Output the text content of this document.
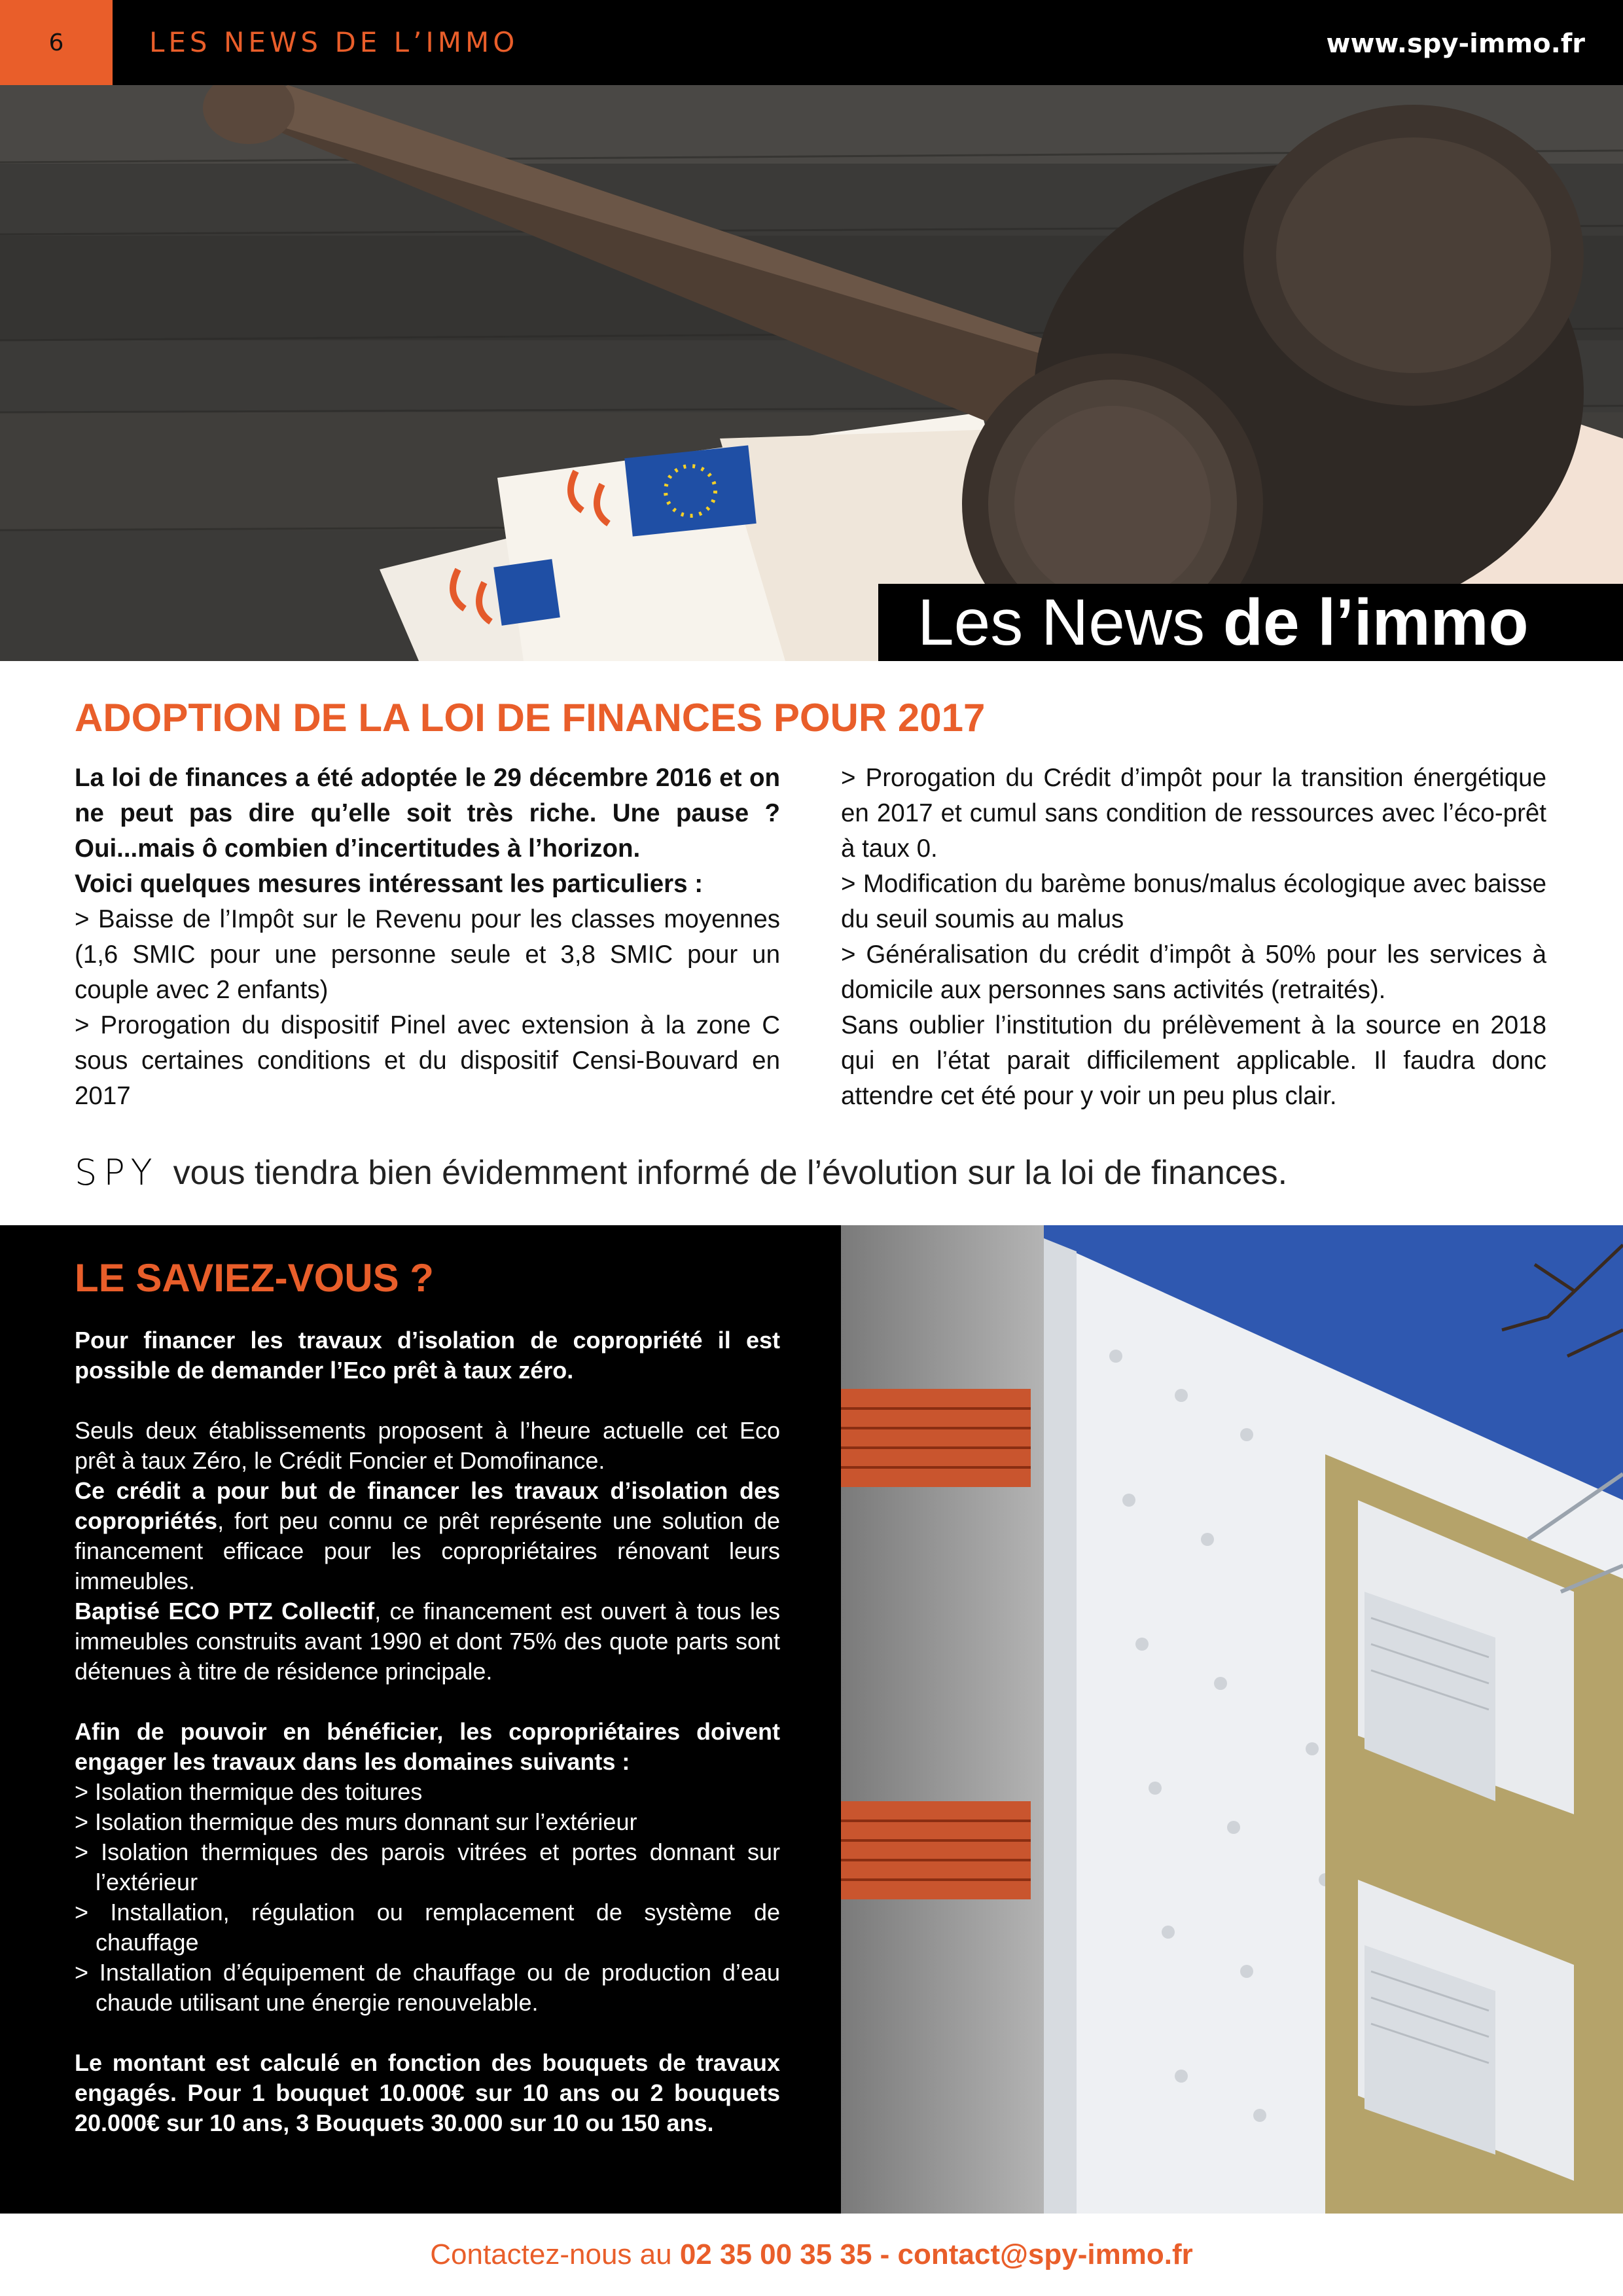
6	LES NEWS DE L’IMMO	www.spy-immo.fr
Les News de l’immo
ADOPTION DE LA LOI DE FINANCES POUR 2017

La loi de finances a été adoptée le 29 décembre 2016 et on ne peut pas dire qu’elle soit très riche. Une pause ? Oui...mais ô combien d’incertitudes à l’horizon.

Voici quelques mesures intéressant les particuliers :

> Baisse de l’Impôt sur le Revenu pour les classes moyennes (1,6 SMIC pour une personne seule et 3,8 SMIC pour un couple avec 2 enfants)

> Prorogation du dispositif Pinel avec extension à la zone C sous certaines conditions et du dispositif Censi-Bouvard en 2017

> Prorogation du Crédit d’impôt pour la transition énergétique en 2017 et cumul sans condition de ressources avec l’éco-prêt à taux 0.

> Modification du barème bonus/malus écologique avec baisse du seuil soumis au malus

> Généralisation du crédit d’impôt à 50% pour les services à domicile aux personnes sans activités (retraités).

Sans oublier l’institution du prélèvement à la source en 2018 qui en l’état parait difficilement applicable. Il faudra donc attendre cet été pour y voir un peu plus clair.

SPY vous tiendra bien évidemment informé de l’évolution sur la loi de finances.
LE SAVIEZ-VOUS ?

Pour financer les travaux d’isolation de copropriété il est possible de demander l’Eco prêt à taux zéro.

Seuls deux établissements proposent à l’heure actuelle cet Eco prêt à taux Zéro, le Crédit Foncier et Domofinance.

Ce crédit a pour but de financer les travaux d’isolation des copropriétés, fort peu connu ce prêt représente une solution de financement efficace pour les copropriétaires rénovant leurs immeubles.

Baptisé ECO PTZ Collectif, ce financement est ouvert à tous les immeubles construits avant 1990 et dont 75% des quote parts sont détenues à titre de résidence principale.

Afin de pouvoir en bénéficier, les copropriétaires doivent engager les travaux dans les domaines suivants :

> Isolation thermique des toitures

> Isolation thermique des murs donnant sur l’extérieur

> Isolation thermiques des parois vitrées et portes donnant sur l’extérieur

> Installation, régulation ou remplacement de système de chauffage

> Installation d’équipement de chauffage ou de production d’eau chaude utilisant une énergie renouvelable.

Le montant est calculé en fonction des bouquets de travaux engagés. Pour 1 bouquet 10.000€ sur 10 ans ou 2 bouquets 20.000€ sur 10 ans, 3 Bouquets 30.000 sur 10 ou 150 ans.

Contactez-nous au 02 35 00 35 35 - contact@spy-immo.fr
